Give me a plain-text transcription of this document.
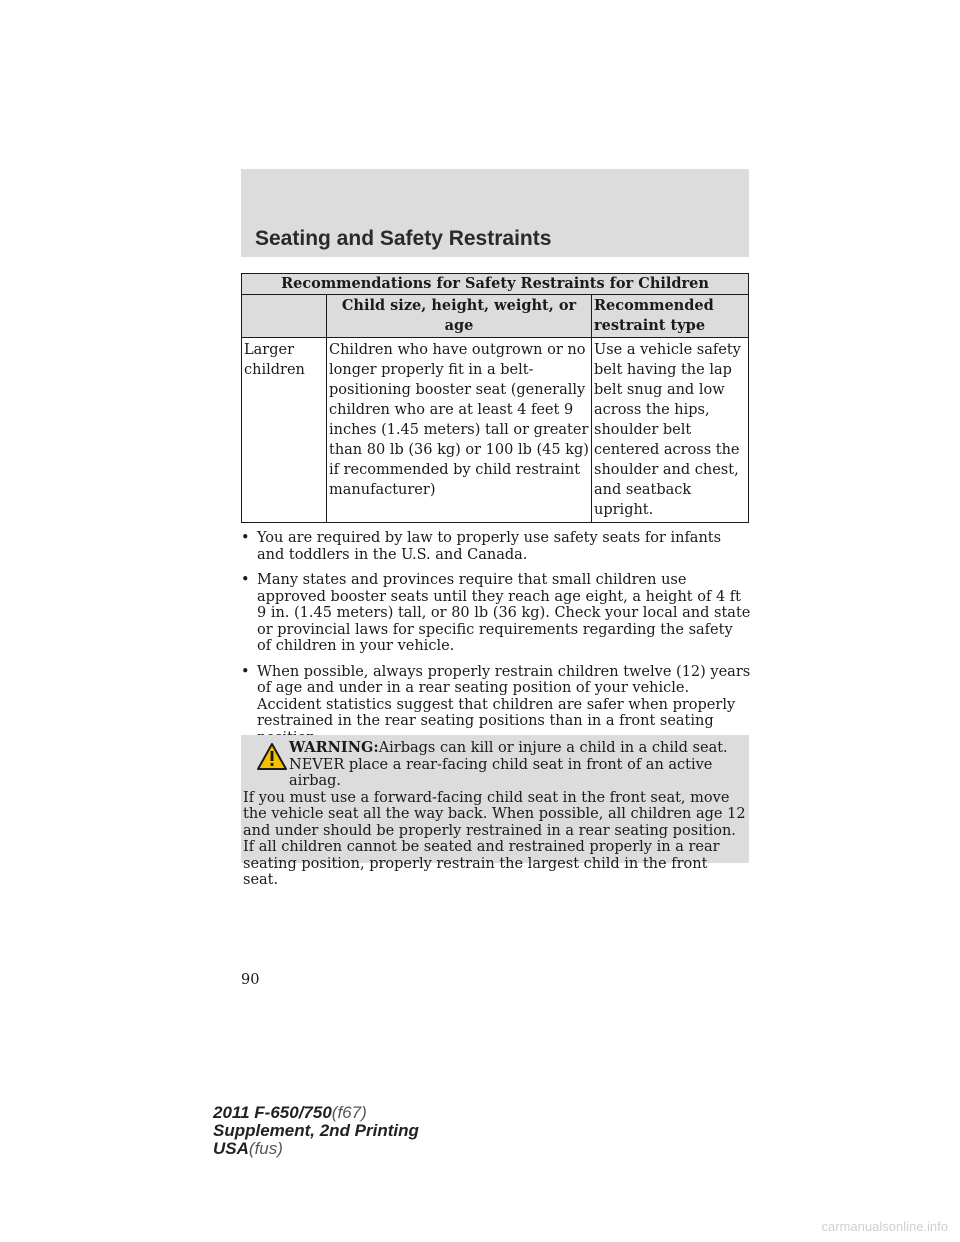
Seating and Safety Restraints
Recommendations for Safety Restraints for Children		
	Child size, height, weight, or age	Recommended restraint type
Larger children	Children who have outgrown or no longer properly fit in a belt-positioning booster seat (generally children who are at least 4 feet 9 inches (1.45 meters) tall or greater than 80 lb (36 kg) or 100 lb (45 kg) if recommended by child restraint manufacturer)	Use a vehicle safety belt having the lap belt snug and low across the hips, shoulder belt centered across the shoulder and chest, and seatback upright.
• You are required by law to properly use safety seats for infants and toddlers in the U.S. and Canada.
• Many states and provinces require that small children use approved booster seats until they reach age eight, a height of 4 ft 9 in. (1.45 meters) tall, or 80 lb (36 kg). Check your local and state or provincial laws for specific requirements regarding the safety of children in your vehicle.
• When possible, always properly restrain children twelve (12) years of age and under in a rear seating position of your vehicle. Accident statistics suggest that children are safer when properly restrained in the rear seating positions than in a front seating
WARNING:Airbags can kill or injure a child in a child seat. NEVER place a rear-facing child seat in front of an active airbag.
If you must use a forward-facing child seat in the front seat, move the vehicle seat all the way back. When possible, all children age 12 and under should be properly restrained in a rear seating position. If all children cannot be seated and restrained properly in a rear seating position, properly restrain the largest child in the front seat.
90
2011 F-650/750(f67)
Supplement, 2nd Printing
USA(fus)
carmanualsonline.info
